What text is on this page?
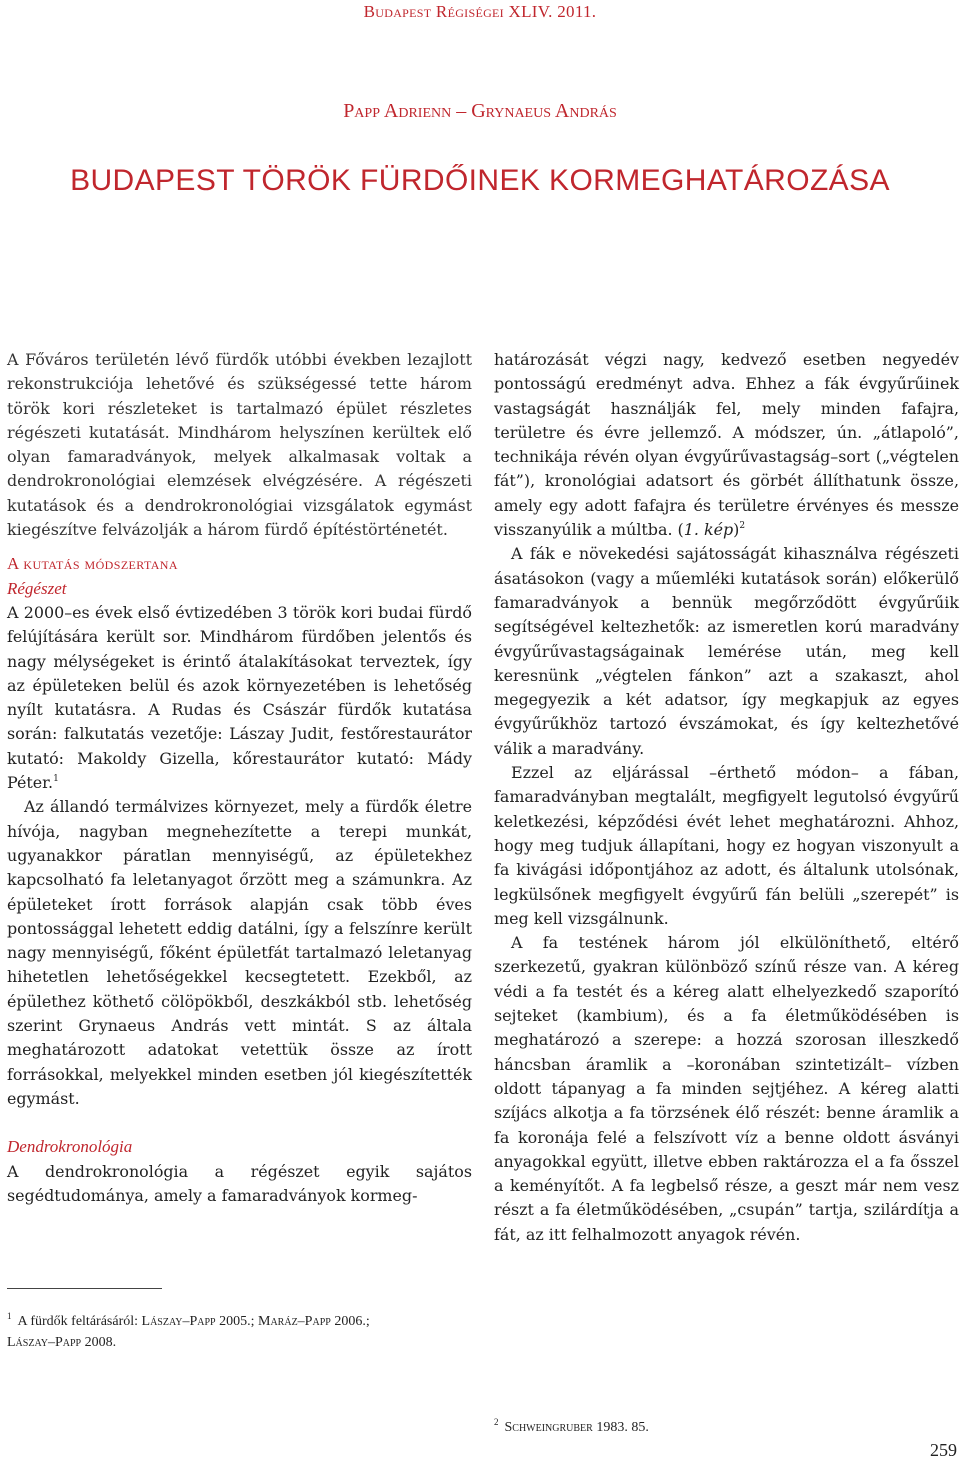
Budapest Régiségei XLIV. 2011.
Papp Adrienn – Grynaeus András
BUDAPEST TÖRÖK FÜRDŐINEK KORMEGHATÁROZÁSA

A Főváros területén lévő fürdők utóbbi években lezajlott rekonstrukciója lehetővé és szükségessé tette három török kori részleteket is tartalmazó épület részletes régészeti kutatását. Mindhárom helyszínen kerültek elő olyan famaradványok, melyek alkalmasak voltak a dendrokronológiai elemzések elvégzésére. A régészeti kutatások és a dendrokronológiai vizsgálatok egymást kiegészítve felvázolják a három fürdő építéstörténetét.

A kutatás módszertana
Régészet

A 2000–es évek első évtizedében 3 török kori budai fürdő felújítására került sor. Mindhárom fürdőben jelentős és nagy mélységeket is érintő átalakításokat terveztek, így az épületeken belül és azok környezetében is lehetőség nyílt kutatásra. A Rudas és Császár fürdők kutatása során: falkutatás vezetője: Lászay Judit, festőrestaurátor kutató: Makoldy Gizella, kőrestaurátor kutató: Mády Péter.$^1$

Az állandó termálvizes környezet, mely a fürdők életre hívója, nagyban megnehezítette a terepi munkát, ugyanakkor páratlan mennyiségű, az épületekhez kapcsolható fa leletanyagot őrzött meg a számunkra. Az épületeket írott források alapján csak több éves pontossággal lehetett eddig datálni, így a felszínre került nagy mennyiségű, főként épületfát tartalmazó leletanyag hihetetlen lehetőségekkel kecsegtetett. Ezekből, az épülethez köthető cölöpökből, deszkákból stb. lehetőség szerint Grynaeus András vett mintát. S az általa meghatározott adatokat vetettük össze az írott forrásokkal, melyekkel minden esetben jól kiegészítették egymást.

Dendrokronológia

A dendrokronológia a régészet egyik sajátos segédtudománya, amely a famaradványok kormeg-

határozását végzi nagy, kedvező esetben negyedév pontosságú eredményt adva. Ehhez a fák évgyűrűinek vastagságát használják fel, mely minden fafajra, területre és évre jellemző. A módszer, ún. „átlapoló”, technikája révén olyan évgyűrűvastagság–sort („végtelen fát”), kronológiai adatsort és görbét állíthatunk össze, amely egy adott fafajra és területre érvényes és messze visszanyúlik a múltba. (1. kép)$^2$

A fák e növekedési sajátosságát kihasználva régészeti ásatásokon (vagy a műemléki kutatások során) előkerülő famaradványok a bennük megőrződött évgyűrűik segítségével keltezhetők: az ismeretlen korú maradvány évgyűrűvastagságainak lemérése után, meg kell keresnünk „végtelen fánkon” azt a szakaszt, ahol megegyezik a két adatsor, így megkapjuk az egyes évgyűrűkhöz tartozó évszámokat, és így keltezhetővé válik a maradvány.

Ezzel az eljárással –érthető módon– a fában, famaradványban megtalált, megfigyelt legutolsó évgyűrű keletkezési, képződési évét lehet meghatározni. Ahhoz, hogy meg tudjuk állapítani, hogy ez hogyan viszonyult a fa kivágási időpontjához az adott, és általunk utolsónak, legkülsőnek megfigyelt évgyűrű fán belüli „szerepét” is meg kell vizsgálnunk.

A fa testének három jól elkülöníthető, eltérő szerkezetű, gyakran különböző színű része van. A kéreg védi a fa testét és a kéreg alatt elhelyezkedő szaporító sejteket (kambium), és a fa életműködésében is meghatározó a szerepe: a hozzá szorosan illeszkedő háncsban áramlik a –koronában szintetizált– vízben oldott tápanyag a fa minden sejtjéhez. A kéreg alatti szíjács alkotja a fa törzsének élő részét: benne áramlik a fa koronája felé a felszívott víz a benne oldott ásványi anyagokkal együtt, illetve ebben raktározza el a fa ősszel a keményítőt. A fa legbelső része, a geszt már nem vesz részt a fa életműködésében, „csupán” tartja, szilárdítja a fát, az itt felhalmozott anyagok révén.

$^1$ A fürdők feltárásáról: Lászay–Papp 2005.; Maráz–Papp 2006.;
Lászay–Papp 2008.
$^2$ Schweingruber 1983. 85.
259
